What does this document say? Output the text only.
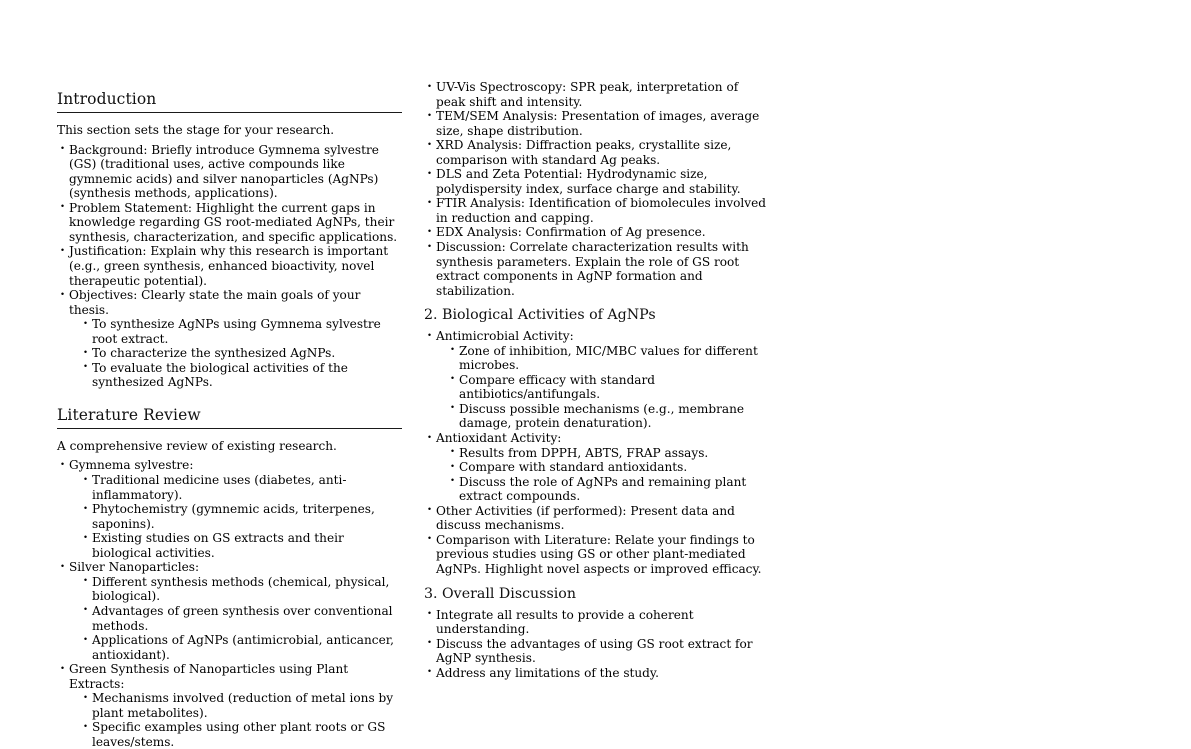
Introduction

This section sets the stage for your research.

Background: Briefly introduce Gymnema sylvestre (GS) (traditional uses, active compounds like gymnemic acids) and silver nanoparticles (AgNPs) (synthesis methods, applications).
Problem Statement: Highlight the current gaps in knowledge regarding GS root-mediated AgNPs, their synthesis, characterization, and specific applications.
Justification: Explain why this research is important (e.g., green synthesis, enhanced bioactivity, novel therapeutic potential).
Objectives: Clearly state the main goals of your thesis.
To synthesize AgNPs using Gymnema sylvestre root extract.
To characterize the synthesized AgNPs.
To evaluate the biological activities of the synthesized AgNPs.
Literature Review

A comprehensive review of existing research.

Gymnema sylvestre:
Traditional medicine uses (diabetes, anti-inflammatory).
Phytochemistry (gymnemic acids, triterpenes, saponins).
Existing studies on GS extracts and their biological activities.
Silver Nanoparticles:
Different synthesis methods (chemical, physical, biological).
Advantages of green synthesis over conventional methods.
Applications of AgNPs (antimicrobial, anticancer, antioxidant).
Green Synthesis of Nanoparticles using Plant Extracts:
Mechanisms involved (reduction of metal ions by plant metabolites).
Specific examples using other plant roots or GS leaves/stems.
UV-Vis Spectroscopy: SPR peak, interpretation of peak shift and intensity.
TEM/SEM Analysis: Presentation of images, average size, shape distribution.
XRD Analysis: Diffraction peaks, crystallite size, comparison with standard Ag peaks.
DLS and Zeta Potential: Hydrodynamic size, polydispersity index, surface charge and stability.
FTIR Analysis: Identification of biomolecules involved in reduction and capping.
EDX Analysis: Confirmation of Ag presence.
Discussion: Correlate characterization results with synthesis parameters. Explain the role of GS root extract components in AgNP formation and stabilization.
2. Biological Activities of AgNPs
Antimicrobial Activity:
Zone of inhibition, MIC/MBC values for different microbes.
Compare efficacy with standard antibiotics/antifungals.
Discuss possible mechanisms (e.g., membrane damage, protein denaturation).
Antioxidant Activity:
Results from DPPH, ABTS, FRAP assays.
Compare with standard antioxidants.
Discuss the role of AgNPs and remaining plant extract compounds.
Other Activities (if performed): Present data and discuss mechanisms.
Comparison with Literature: Relate your findings to previous studies using GS or other plant-mediated AgNPs. Highlight novel aspects or improved efficacy.
3. Overall Discussion
Integrate all results to provide a coherent understanding.
Discuss the advantages of using GS root extract for AgNP synthesis.
Address any limitations of the study.
